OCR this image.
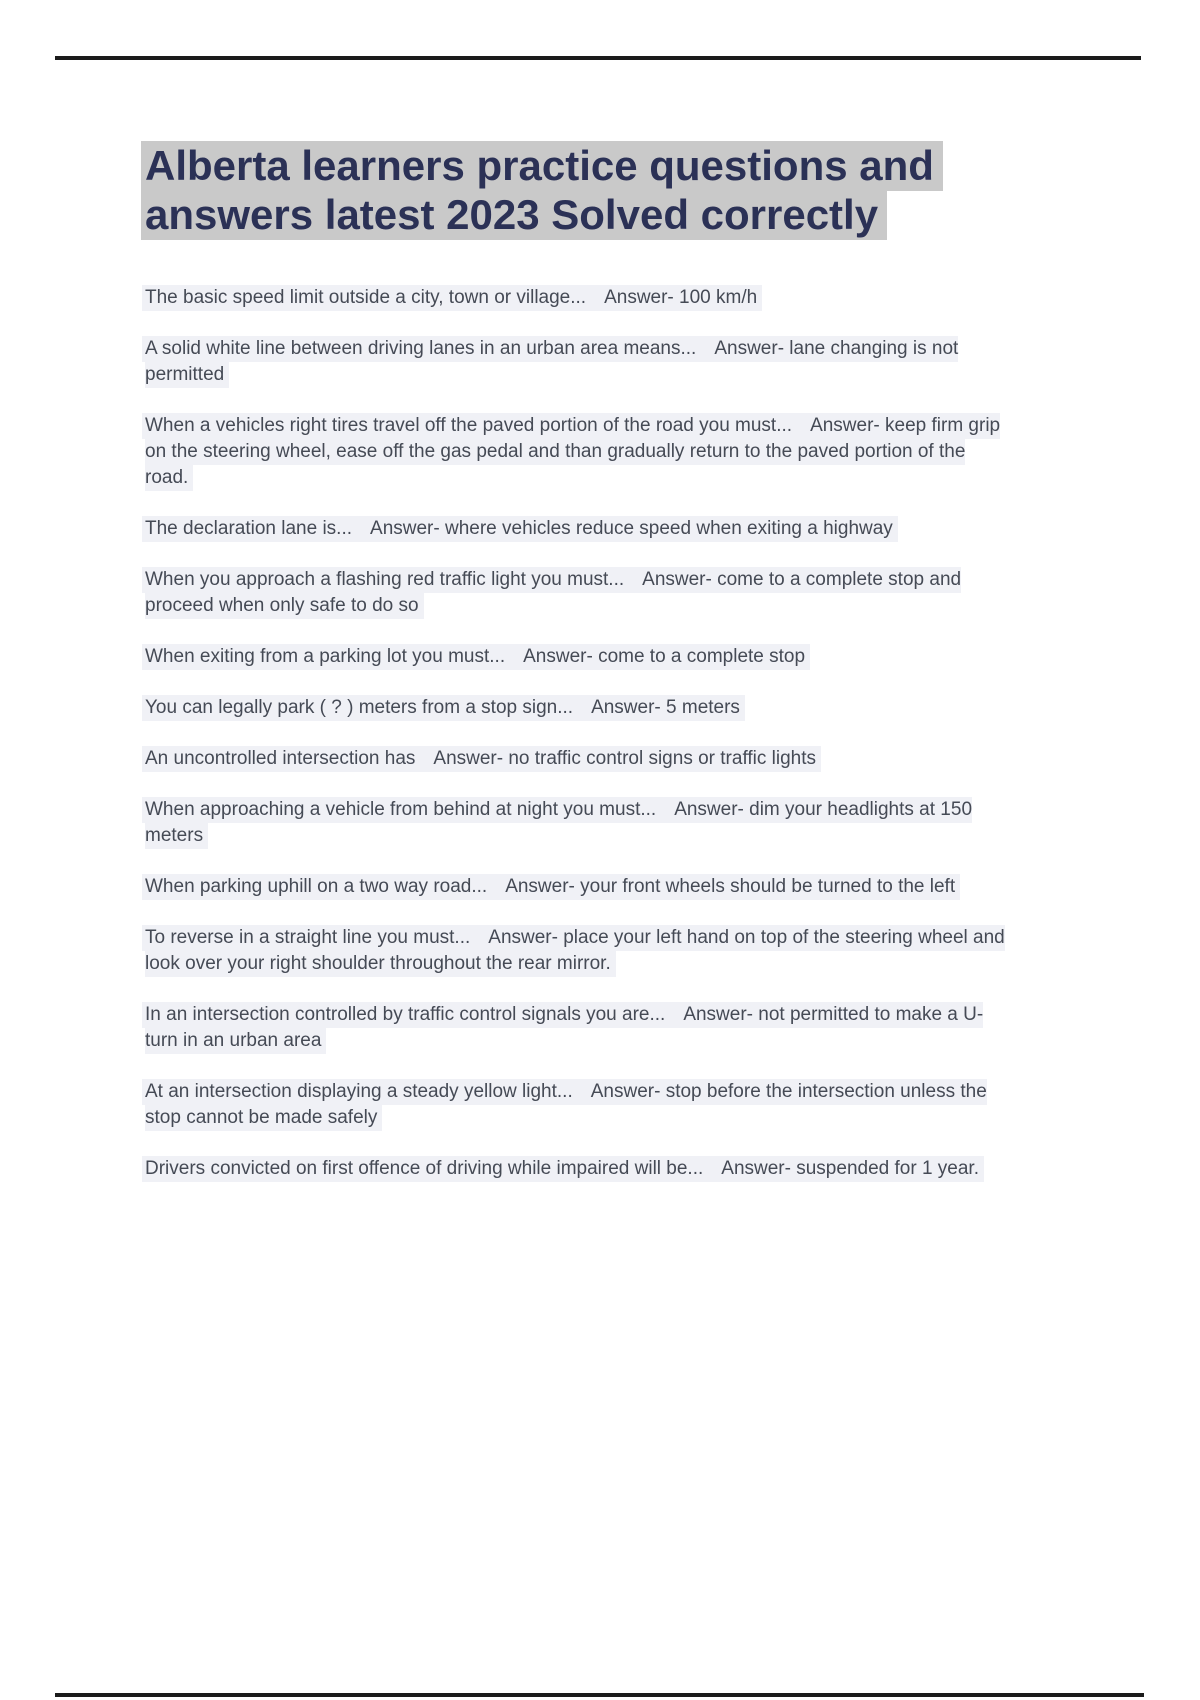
Alberta learners practice questions and
answers latest 2023 Solved correctly

The basic speed limit outside a city, town or village... Answer- 100 km/h

A solid white line between driving lanes in an urban area means... Answer- lane changing is not permitted

When a vehicles right tires travel off the paved portion of the road you must... Answer- keep firm grip on the steering wheel, ease off the gas pedal and than gradually return to the paved portion of the road.

The declaration lane is... Answer- where vehicles reduce speed when exiting a highway

When you approach a flashing red traffic light you must... Answer- come to a complete stop and proceed when only safe to do so

When exiting from a parking lot you must... Answer- come to a complete stop

You can legally park ( ? ) meters from a stop sign... Answer- 5 meters

An uncontrolled intersection has Answer- no traffic control signs or traffic lights

When approaching a vehicle from behind at night you must... Answer- dim your headlights at 150 meters

When parking uphill on a two way road... Answer- your front wheels should be turned to the left

To reverse in a straight line you must... Answer- place your left hand on top of the steering wheel and look over your right shoulder throughout the rear mirror.

In an intersection controlled by traffic control signals you are... Answer- not permitted to make a U-turn in an urban area

At an intersection displaying a steady yellow light... Answer- stop before the intersection unless the stop cannot be made safely

Drivers convicted on first offence of driving while impaired will be... Answer- suspended for 1 year.
